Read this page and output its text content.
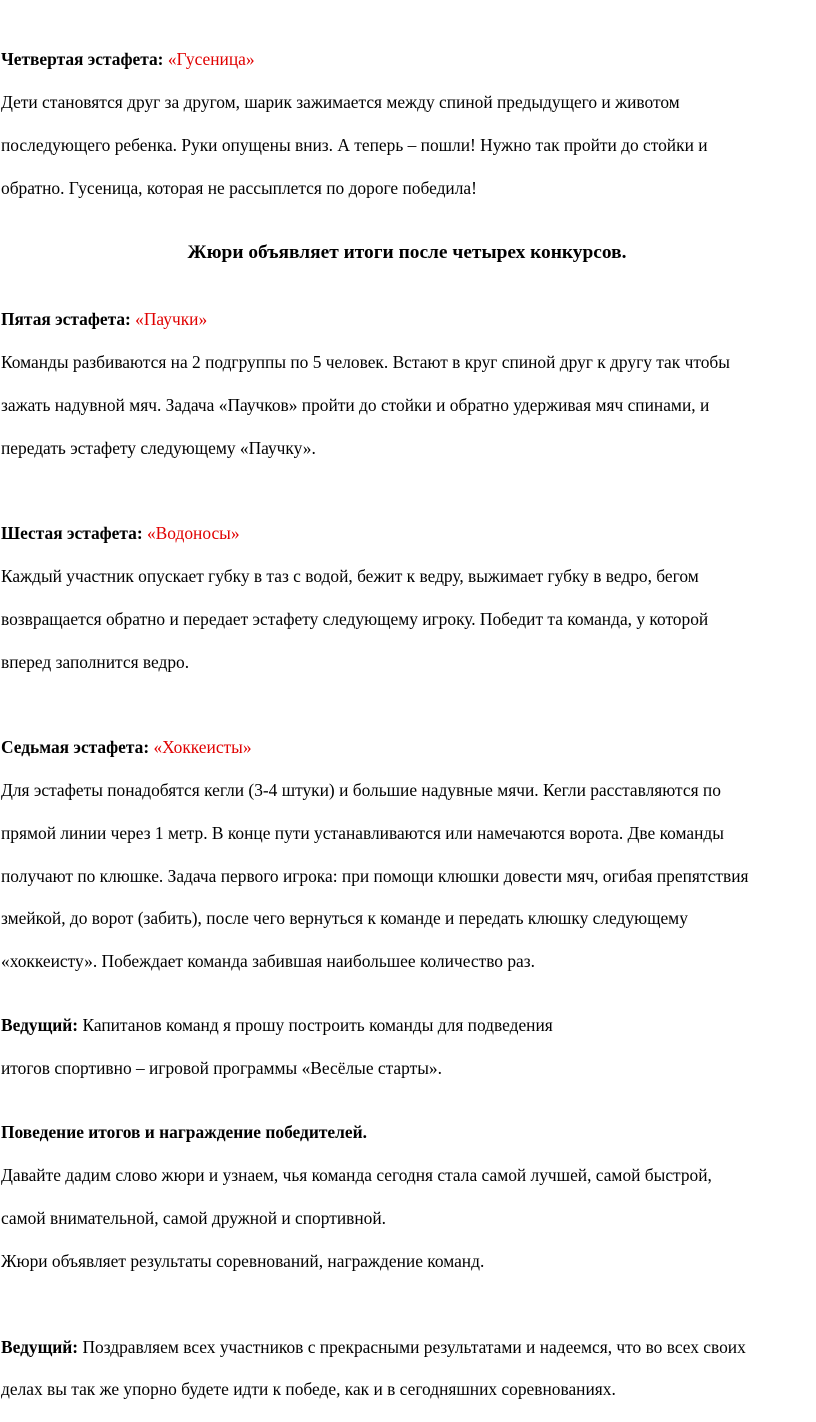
Четвертая эстафета: «Гусеница»

Дети становятся друг за другом, шарик зажимается между спиной предыдущего и животом

последующего ребенка. Руки опущены вниз. А теперь – пошли! Нужно так пройти до стойки и

обратно. Гусеница, которая не рассыплется по дороге победила!

Жюри объявляет итоги после четырех конкурсов.

Пятая эстафета: «Паучки»

Команды разбиваются на 2 подгруппы по 5 человек. Встают в круг спиной друг к другу так чтобы

зажать надувной мяч. Задача «Паучков» пройти до стойки и обратно удерживая мяч спинами, и

передать эстафету следующему «Паучку».

Шестая эстафета: «Водоносы»

Каждый участник опускает губку в таз с водой, бежит к ведру, выжимает губку в ведро, бегом

возвращается обратно и передает эстафету следующему игроку. Победит та команда, у которой

вперед заполнится ведро.

Седьмая эстафета: «Хоккеисты»

Для эстафеты понадобятся кегли (3-4 штуки) и большие надувные мячи. Кегли расставляются по

прямой линии через 1 метр. В конце пути устанавливаются или намечаются ворота. Две команды

получают по клюшке. Задача первого игрока: при помощи клюшки довести мяч, огибая препятствия

змейкой, до ворот (забить), после чего вернуться к команде и передать клюшку следующему

«хоккеисту». Побеждает команда забившая наибольшее количество раз.

Ведущий: Капитанов команд я прошу построить команды для подведения

итогов спортивно – игровой программы «Весёлые старты».

Поведение итогов и награждение победителей.

Давайте дадим слово жюри и узнаем, чья команда сегодня стала самой лучшей, самой быстрой,

самой внимательной, самой дружной и спортивной.

Жюри объявляет результаты соревнований, награждение команд.

Ведущий: Поздравляем всех участников с прекрасными результатами и надеемся, что во всех своих

делах вы так же упорно будете идти к победе, как и в сегодняшних соревнованиях.
